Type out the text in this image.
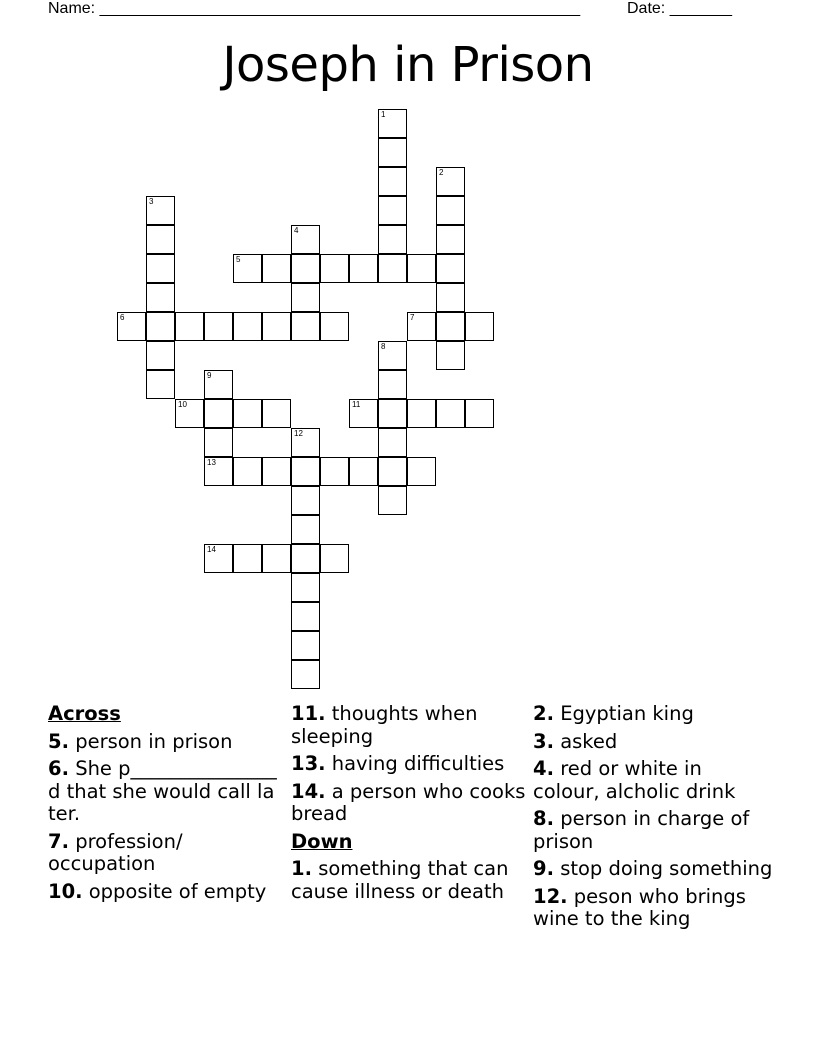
Name: ______________________________________________________	Date: _______
Joseph in Prison
1
2
3
4
5
6	7
8
9
10	11
12
13
14
Across
5. person in prison
6. She p_______________d that she would call later.
7. profession/ occupation
10. opposite of empty
11. thoughts when sleeping
13. having difficulties
14. a person who cooks bread
Down
1. something that can cause illness or death
2. Egyptian king
3. asked
4. red or white in colour, alcholic drink
8. person in charge of prison
9. stop doing something
12. peson who brings wine to the king
